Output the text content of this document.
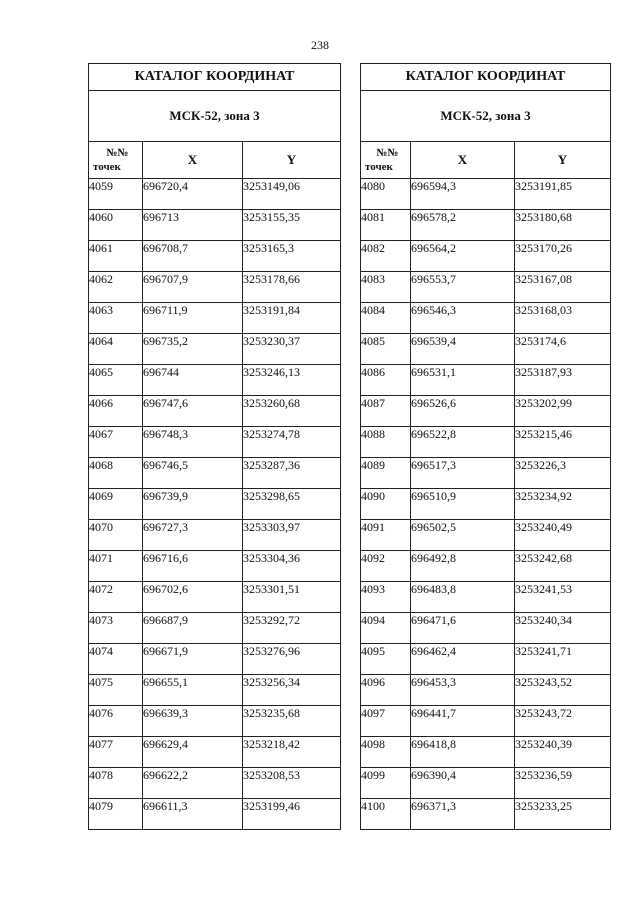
238
КАТАЛОГ КООРДИНАТ		
МСК-52, зона 3		

№№
точек	X	Y
4059	696720,4	3253149,06
4060	696713	3253155,35
4061	696708,7	3253165,3
4062	696707,9	3253178,66
4063	696711,9	3253191,84
4064	696735,2	3253230,37
4065	696744	3253246,13
4066	696747,6	3253260,68
4067	696748,3	3253274,78
4068	696746,5	3253287,36
4069	696739,9	3253298,65
4070	696727,3	3253303,97
4071	696716,6	3253304,36
4072	696702,6	3253301,51
4073	696687,9	3253292,72
4074	696671,9	3253276,96
4075	696655,1	3253256,34
4076	696639,3	3253235,68
4077	696629,4	3253218,42
4078	696622,2	3253208,53
4079	696611,3	3253199,46
КАТАЛОГ КООРДИНАТ		
МСК-52, зона 3		

№№
точек	X	Y
4080	696594,3	3253191,85
4081	696578,2	3253180,68
4082	696564,2	3253170,26
4083	696553,7	3253167,08
4084	696546,3	3253168,03
4085	696539,4	3253174,6
4086	696531,1	3253187,93
4087	696526,6	3253202,99
4088	696522,8	3253215,46
4089	696517,3	3253226,3
4090	696510,9	3253234,92
4091	696502,5	3253240,49
4092	696492,8	3253242,68
4093	696483,8	3253241,53
4094	696471,6	3253240,34
4095	696462,4	3253241,71
4096	696453,3	3253243,52
4097	696441,7	3253243,72
4098	696418,8	3253240,39
4099	696390,4	3253236,59
4100	696371,3	3253233,25
